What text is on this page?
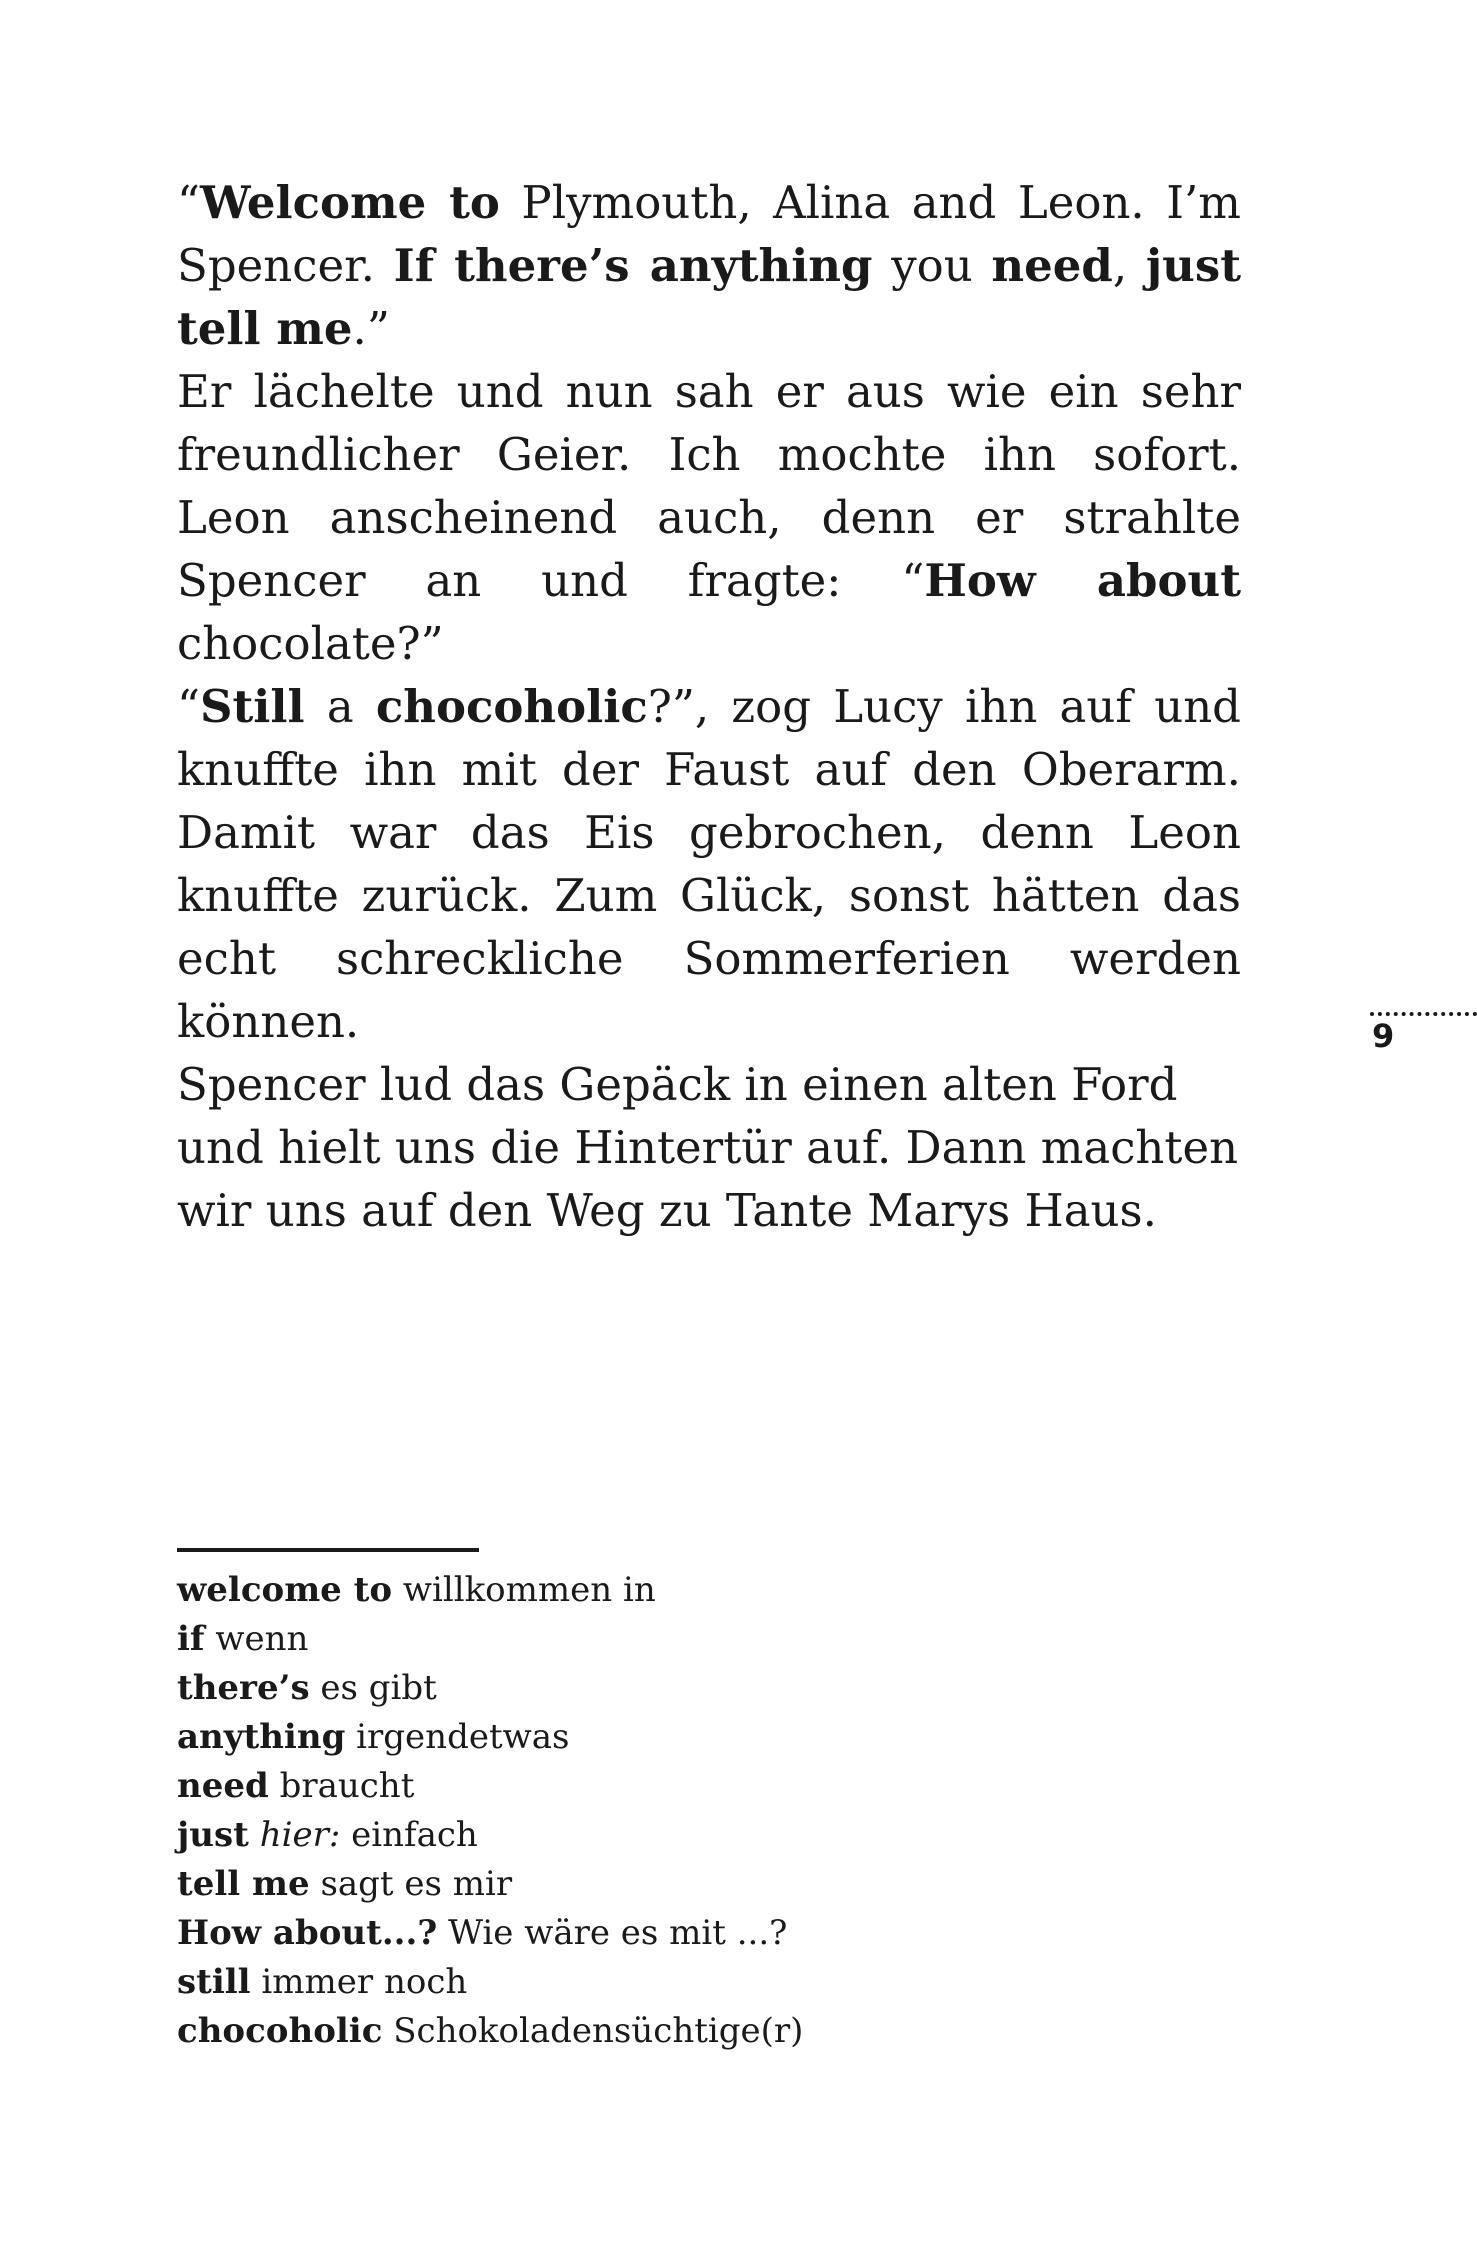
“Welcome to Plymouth, Alina and Leon. I’m Spencer. If there’s anything you need, just tell me.”

Er lächelte und nun sah er aus wie ein sehr freundlicher Geier. Ich mochte ihn sofort. Leon anscheinend auch, denn er strahlte Spencer an und fragte: “How about chocolate?”

“Still a chocoholic?”, zog Lucy ihn auf und knuffte ihn mit der Faust auf den Oberarm. Damit war das Eis gebrochen, denn Leon knuffte zurück. Zum Glück, sonst hätten das echt schreckliche Sommerferien werden können.

Spencer lud das Gepäck in einen alten Ford und hielt uns die Hintertür auf. Dann machten wir uns auf den Weg zu Tante Marys Haus.

9
welcome to willkommen in
if wenn
there’s es gibt
anything irgendetwas
need braucht
just hier: einfach
tell me sagt es mir
How about...? Wie wäre es mit ...?
still immer noch
chocoholic Schokoladensüchtige(r)
